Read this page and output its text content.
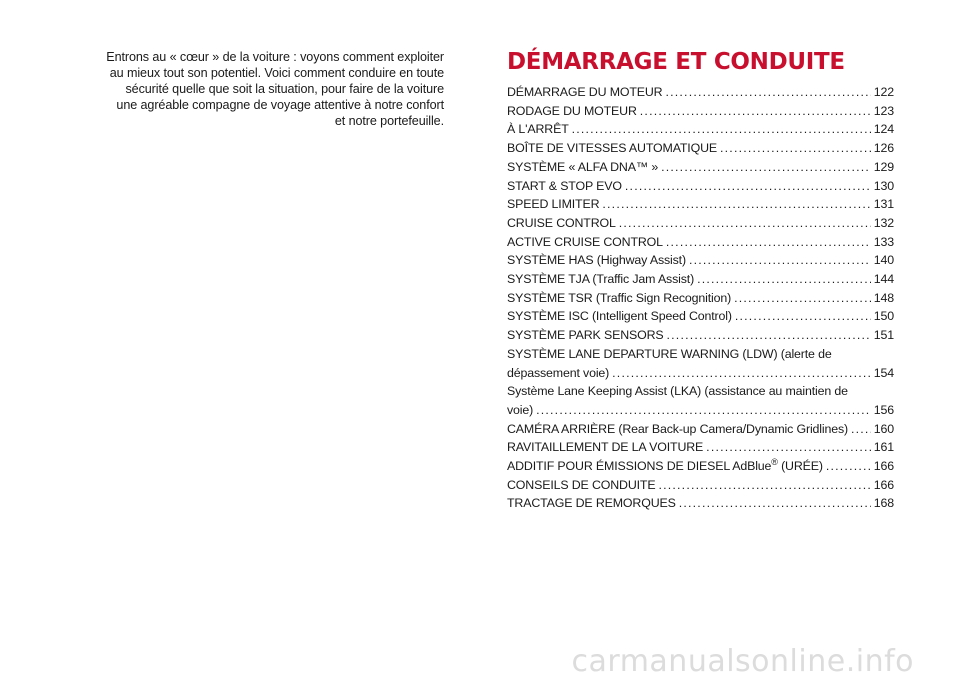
Entrons au « cœur » de la voiture : voyons comment exploiter
au mieux tout son potentiel. Voici comment conduire en toute
sécurité quelle que soit la situation, pour faire de la voiture
une agréable compagne de voyage attentive à notre confort
et notre portefeuille.
DÉMARRAGE ET CONDUITE
DÉMARRAGE DU MOTEUR .....	122
RODAGE DU MOTEUR .....	123
À L'ARRÊT .....	124
BOÎTE DE VITESSES AUTOMATIQUE .....	126
SYSTÈME « ALFA DNA™ » .....	129
START & STOP EVO .....	130
SPEED LIMITER .....	131
CRUISE CONTROL .....	132
ACTIVE CRUISE CONTROL .....	133
SYSTÈME HAS (Highway Assist) .....	140
SYSTÈME TJA (Traffic Jam Assist) .....	144
SYSTÈME TSR (Traffic Sign Recognition) .....	148
SYSTÈME ISC (Intelligent Speed Control) .....	150
SYSTÈME PARK SENSORS .....	151
SYSTÈME LANE DEPARTURE WARNING (LDW) (alerte de
dépassement voie) .....	154
Système Lane Keeping Assist (LKA) (assistance au maintien de
voie) .....	156
CAMÉRA ARRIÈRE (Rear Back-up Camera/Dynamic Gridlines) ..... 160
RAVITAILLEMENT DE LA VOITURE .....	161
ADDITIF POUR ÉMISSIONS DE DIESEL AdBlue® (URÉE) .....	166
CONSEILS DE CONDUITE .....	166
TRACTAGE DE REMORQUES .....	168
carmanualsonline.info
